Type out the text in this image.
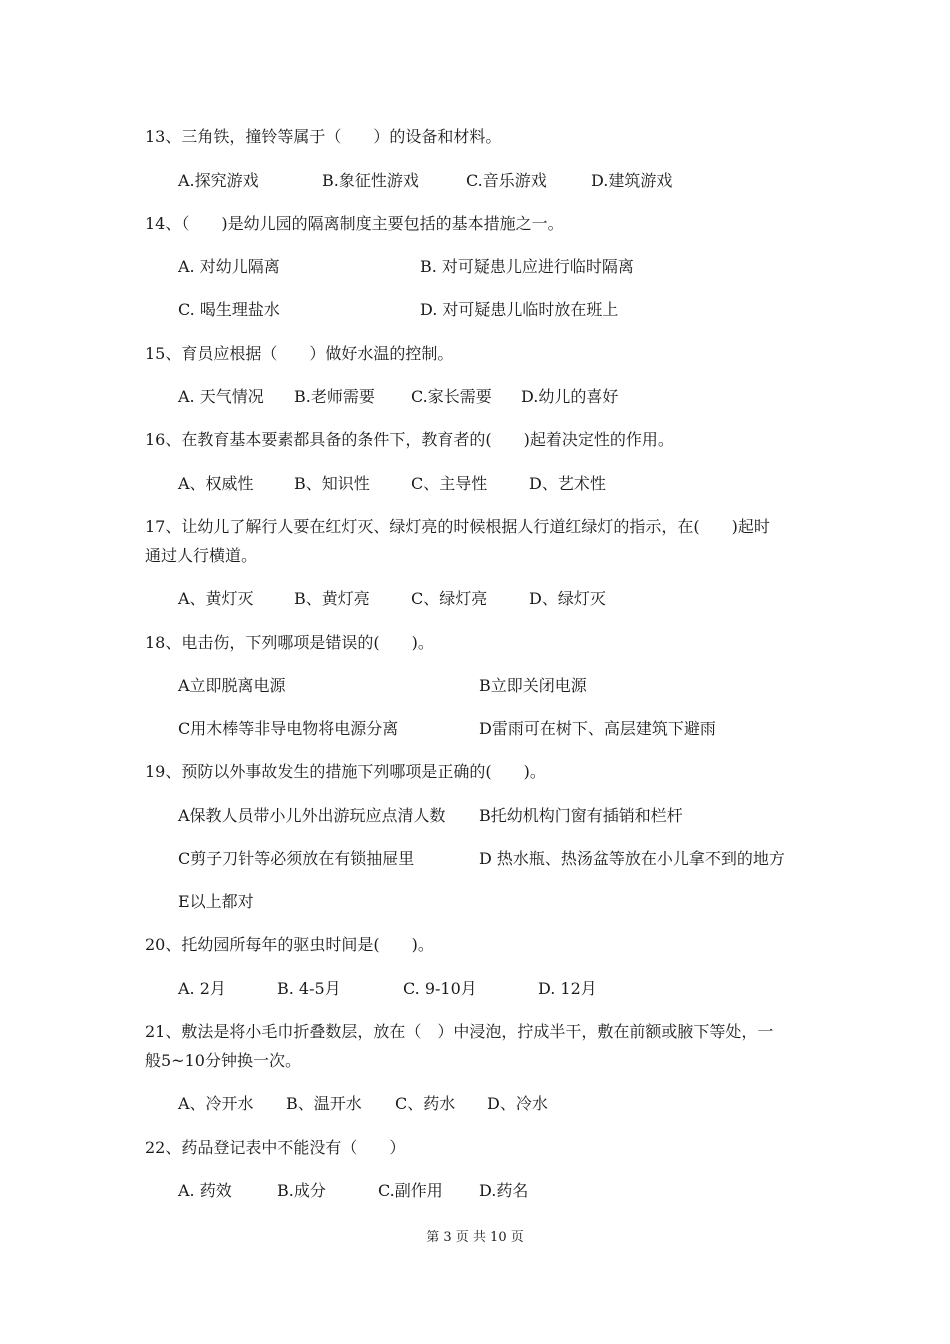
13、三角铁，撞铃等属于（　　）的设备和材料。
A.探究游戏	B.象征性游戏	C.音乐游戏	D.建筑游戏
14、（　　)是幼儿园的隔离制度主要包括的基本措施之一。
A. 对幼儿隔离	B. 对可疑患儿应进行临时隔离
C. 喝生理盐水	D. 对可疑患儿临时放在班上
15、育员应根据（　　）做好水温的控制。
A. 天气情况 B.老师需要 C.家长需要 D.幼儿的喜好
16、在教育基本要素都具备的条件下，教育者的(　　)起着决定性的作用。
A、权威性	B、知识性	C、主导性	D、艺术性
17、让幼儿了解行人要在红灯灭、绿灯亮的时候根据人行道红绿灯的指示，在(　　)起时
通过人行横道。
A、黄灯灭	B、黄灯亮	C、绿灯亮	D、绿灯灭
18、电击伤，下列哪项是错误的(　　)。
A立即脱离电源	B立即关闭电源
C用木棒等非导电物将电源分离	D雷雨可在树下、高层建筑下避雨
19、预防以外事故发生的措施下列哪项是正确的(　　)。
A保教人员带小儿外出游玩应点清人数 B托幼机构门窗有插销和栏杆
C剪子刀针等必须放在有锁抽屉里	D 热水瓶、热汤盆等放在小儿拿不到的地方
E以上都对
20、托幼园所每年的驱虫时间是(　　)。
A. 2月	B. 4-5月	C. 9-10月	D. 12月
21、敷法是将小毛巾折叠数层，放在（　）中浸泡，拧成半干，敷在前额或腋下等处，一
般5~10分钟换一次。
A、冷开水 B、温开水 C、药水 D、冷水
22、药品登记表中不能没有（　　）
A. 药效	B.成分	C.副作用 D.药名
第 3 页 共 10 页
